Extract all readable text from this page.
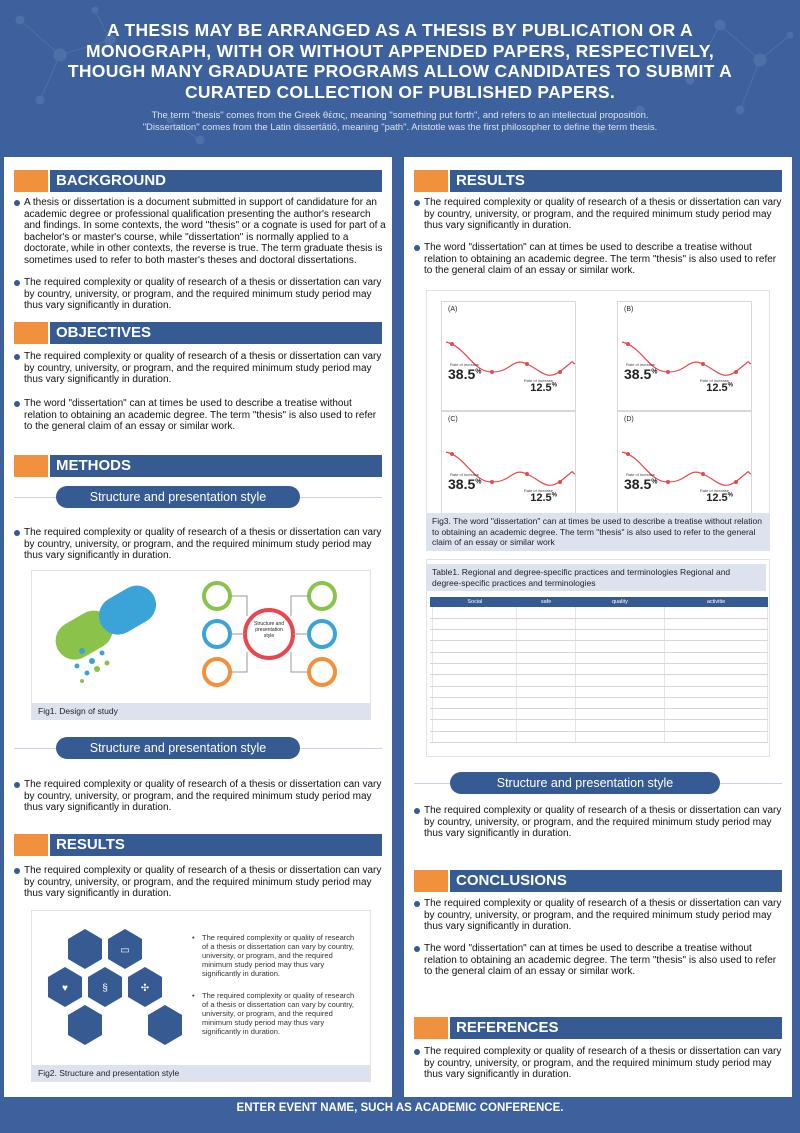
A THESIS MAY BE ARRANGED AS A THESIS BY PUBLICATION OR A MONOGRAPH, WITH OR WITHOUT APPENDED PAPERS, RESPECTIVELY, THOUGH MANY GRADUATE PROGRAMS ALLOW CANDIDATES TO SUBMIT A CURATED COLLECTION OF PUBLISHED PAPERS.
The term "thesis" comes from the Greek θέσις, meaning "something put forth", and refers to an intellectual proposition.
"Dissertation" comes from the Latin dissertātiō, meaning "path". Aristotle was the first philosopher to define the term thesis.
BACKGROUND
A thesis or dissertation is a document submitted in support of candidature for an academic degree or professional qualification presenting the author's research and findings. In some contexts, the word "thesis" or a cognate is used for part of a bachelor's or master's course, while "dissertation" is normally applied to a doctorate, while in other contexts, the reverse is true. The term graduate thesis is sometimes used to refer to both master's theses and doctoral dissertations.
The required complexity or quality of research of a thesis or dissertation can vary by country, university, or program, and the required minimum study period may thus vary significantly in duration.
OBJECTIVES
The required complexity or quality of research of a thesis or dissertation can vary by country, university, or program, and the required minimum study period may thus vary significantly in duration.
The word "dissertation" can at times be used to describe a treatise without relation to obtaining an academic degree. The term "thesis" is also used to refer to the general claim of an essay or similar work.
METHODS
Structure and presentation style
The required complexity or quality of research of a thesis or dissertation can vary by country, university, or program, and the required minimum study period may thus vary significantly in duration.
Structure and presentation style
Fig1. Design of study
Structure and presentation style
The required complexity or quality of research of a thesis or dissertation can vary by country, university, or program, and the required minimum study period may thus vary significantly in duration.
RESULTS
The required complexity or quality of research of a thesis or dissertation can vary by country, university, or program, and the required minimum study period may thus vary significantly in duration.
♥	§	✣
▭
• The required complexity or quality of research of a thesis or dissertation can vary by country, university, or program, and the required minimum study period may thus vary significantly in duration.
• The required complexity or quality of research of a thesis or dissertation can vary by country, university, or program, and the required minimum study period may thus vary significantly in duration.
Fig2. Structure and presentation style
RESULTS
The required complexity or quality of research of a thesis or dissertation can vary by country, university, or program, and the required minimum study period may thus vary significantly in duration.
The word "dissertation" can at times be used to describe a treatise without relation to obtaining an academic degree. The term "thesis" is also used to refer to the general claim of an essay or similar work.
(A)
Rate of increase
38.5%
Rate of increase
12.5%
(B)
Rate of increase
38.5%
Rate of increase
12.5%
(C)
Rate of increase
38.5%
Rate of increase
12.5%
(D)
Rate of increase
38.5%
Rate of increase
12.5%
Fig3. The word "dissertation" can at times be used to describe a treatise without relation to obtaining an academic degree. The term "thesis" is also used to refer to the general claim of an essay or similar work
Table1. Regional and degree-specific practices and terminologies Regional and degree-specific practices and terminologies
	Social	safe	quality	activitie

Structure and presentation style
The required complexity or quality of research of a thesis or dissertation can vary by country, university, or program, and the required minimum study period may thus vary significantly in duration.
CONCLUSIONS
The required complexity or quality of research of a thesis or dissertation can vary by country, university, or program, and the required minimum study period may thus vary significantly in duration.
The word "dissertation" can at times be used to describe a treatise without relation to obtaining an academic degree. The term "thesis" is also used to refer to the general claim of an essay or similar work.
REFERENCES
The required complexity or quality of research of a thesis or dissertation can vary by country, university, or program, and the required minimum study period may thus vary significantly in duration.
ENTER EVENT NAME, SUCH AS ACADEMIC CONFERENCE.
